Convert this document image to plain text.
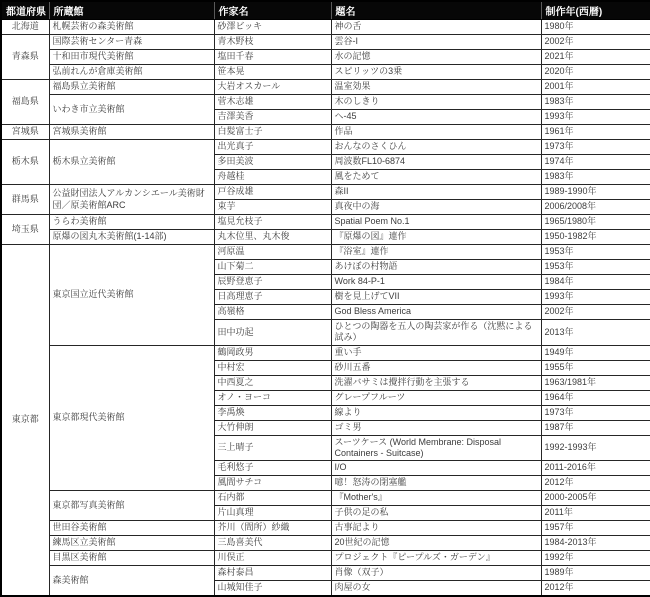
都道府県	所蔵館	作家名	題名	制作年(西暦)
北海道	札幌芸術の森美術館	砂澤ビッキ	神の舌	1980年
青森県	国際芸術センター青森	青木野枝	雲谷-I	2002年
	十和田市現代美術館	塩田千春	水の記憶	2021年
	弘前れんが倉庫美術館	笹本晃	スピリッツの3乗	2020年
福島県	福島県立美術館	大岩オスカール	温室効果	2001年
	いわき市立美術館	菅木志雄	木のしきり	1983年
		吉澤美香	ヘ-45	1993年
宮城県	宮城県美術館	白髪富士子	作品	1961年
栃木県	栃木県立美術館	出光真子	おんなのさくひん	1973年
		多田美波	周波数FL10-6874	1974年
		舟越桂	風をためて	1983年
群馬県	公益財団法人アルカンシエール美術財団／原美術館ARC	戸谷成雄	森II	1989-1990年
		束芋	真夜中の海	2006/2008年
埼玉県	うらわ美術館	塩見允枝子	Spatial Poem No.1	1965/1980年
	原爆の図丸木美術館(1-14部)	丸木位里、丸木俊	『原爆の図』連作	1950-1982年
東京都	東京国立近代美術館	河原温	『浴室』連作	1953年
		山下菊二	あけぼの村物語	1953年
		辰野登恵子	Work 84-P-1	1984年
		日高理恵子	樹を見上げてVII	1993年
		高嶺格	God Bless America	2002年
		田中功起	ひとつの陶器を五人の陶芸家が作る（沈黙による試み）	2013年
	東京都現代美術館	鶴岡政男	重い手	1949年
		中村宏	砂川五番	1955年
		中西夏之	洗濯バサミは攪拌行動を主張する	1963/1981年
		オノ・ヨーコ	グレープフルーツ	1964年
		李禹煥	線より	1973年
		大竹伸朗	ゴミ男	1987年
		三上晴子	スーツケース (World Membrane: Disposal Containers - Suitcase)	1992-1993年
		毛利悠子	I/O	2011-2016年
		風間サチコ	噫！怒涛の閉塞艦	2012年
	東京都写真美術館	石内都	『Mother's』	2000-2005年
		片山真理	子供の足の私	2011年
	世田谷美術館	芥川（間所）紗織	古事記より	1957年
	練馬区立美術館	三島喜美代	20世紀の記憶	1984-2013年
	目黒区美術館	川俣正	プロジェクト『ピープルズ・ガーデン』	1992年
	森美術館	森村泰昌	肖像（双子）	1989年
		山城知佳子	肉屋の女	2012年
